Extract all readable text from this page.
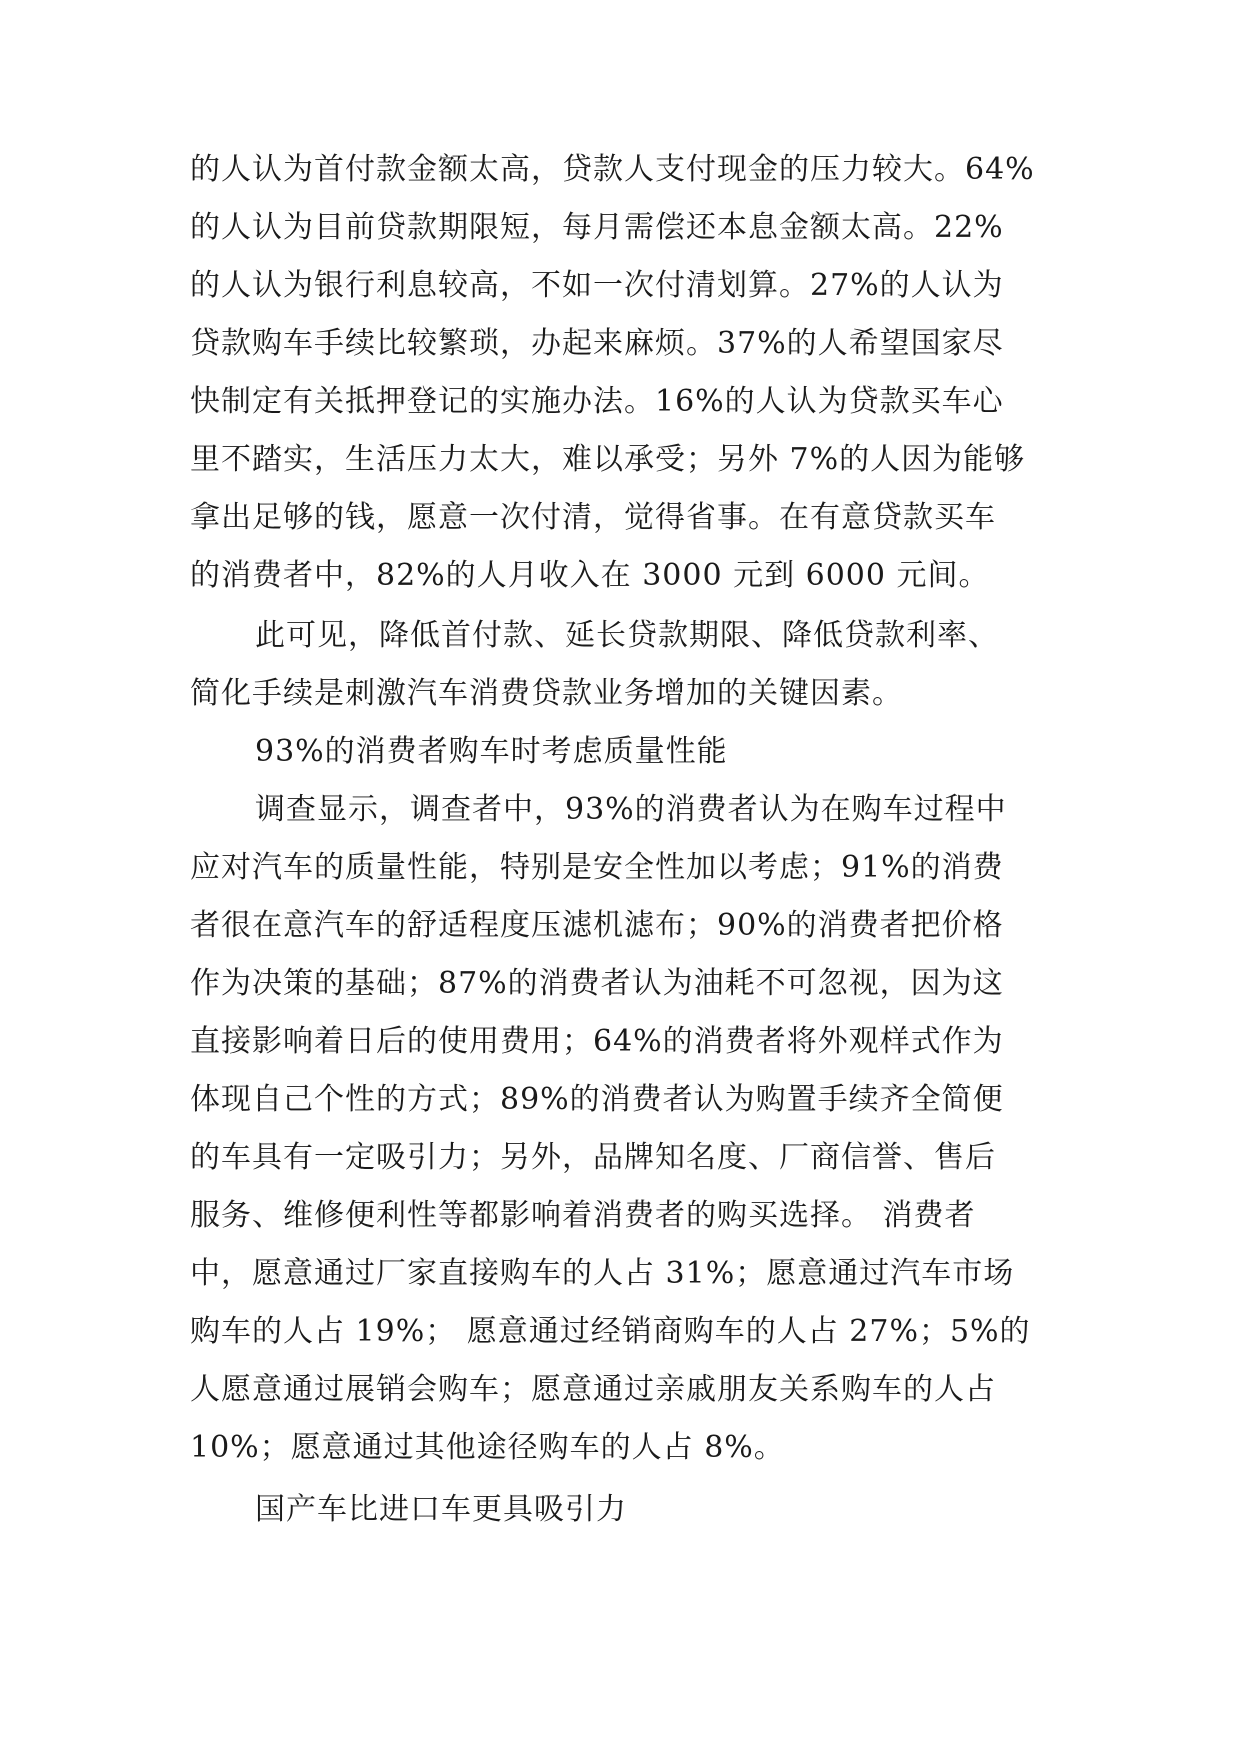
的人认为首付款金额太高，贷款人支付现金的压力较大。64%
的人认为目前贷款期限短，每月需偿还本息金额太高。22%
的人认为银行利息较高，不如一次付清划算。27%的人认为
贷款购车手续比较繁琐，办起来麻烦。37%的人希望国家尽
快制定有关抵押登记的实施办法。16%的人认为贷款买车心
里不踏实，生活压力太大，难以承受；另外 7%的人因为能够
拿出足够的钱，愿意一次付清，觉得省事。在有意贷款买车
的消费者中，82%的人月收入在 3000 元到 6000 元间。
此可见，降低首付款、延长贷款期限、降低贷款利率、
简化手续是刺激汽车消费贷款业务增加的关键因素。
93%的消费者购车时考虑质量性能
调查显示，调查者中，93%的消费者认为在购车过程中
应对汽车的质量性能，特别是安全性加以考虑；91%的消费
者很在意汽车的舒适程度压滤机滤布；90%的消费者把价格
作为决策的基础；87%的消费者认为油耗不可忽视，因为这
直接影响着日后的使用费用；64%的消费者将外观样式作为
体现自己个性的方式；89%的消费者认为购置手续齐全简便
的车具有一定吸引力；另外，品牌知名度、厂商信誉、售后
服务、维修便利性等都影响着消费者的购买选择。 消费者
中，愿意通过厂家直接购车的人占 31%；愿意通过汽车市场
购车的人占 19%； 愿意通过经销商购车的人占 27%；5%的
人愿意通过展销会购车；愿意通过亲戚朋友关系购车的人占
10%；愿意通过其他途径购车的人占 8%。
国产车比进口车更具吸引力
